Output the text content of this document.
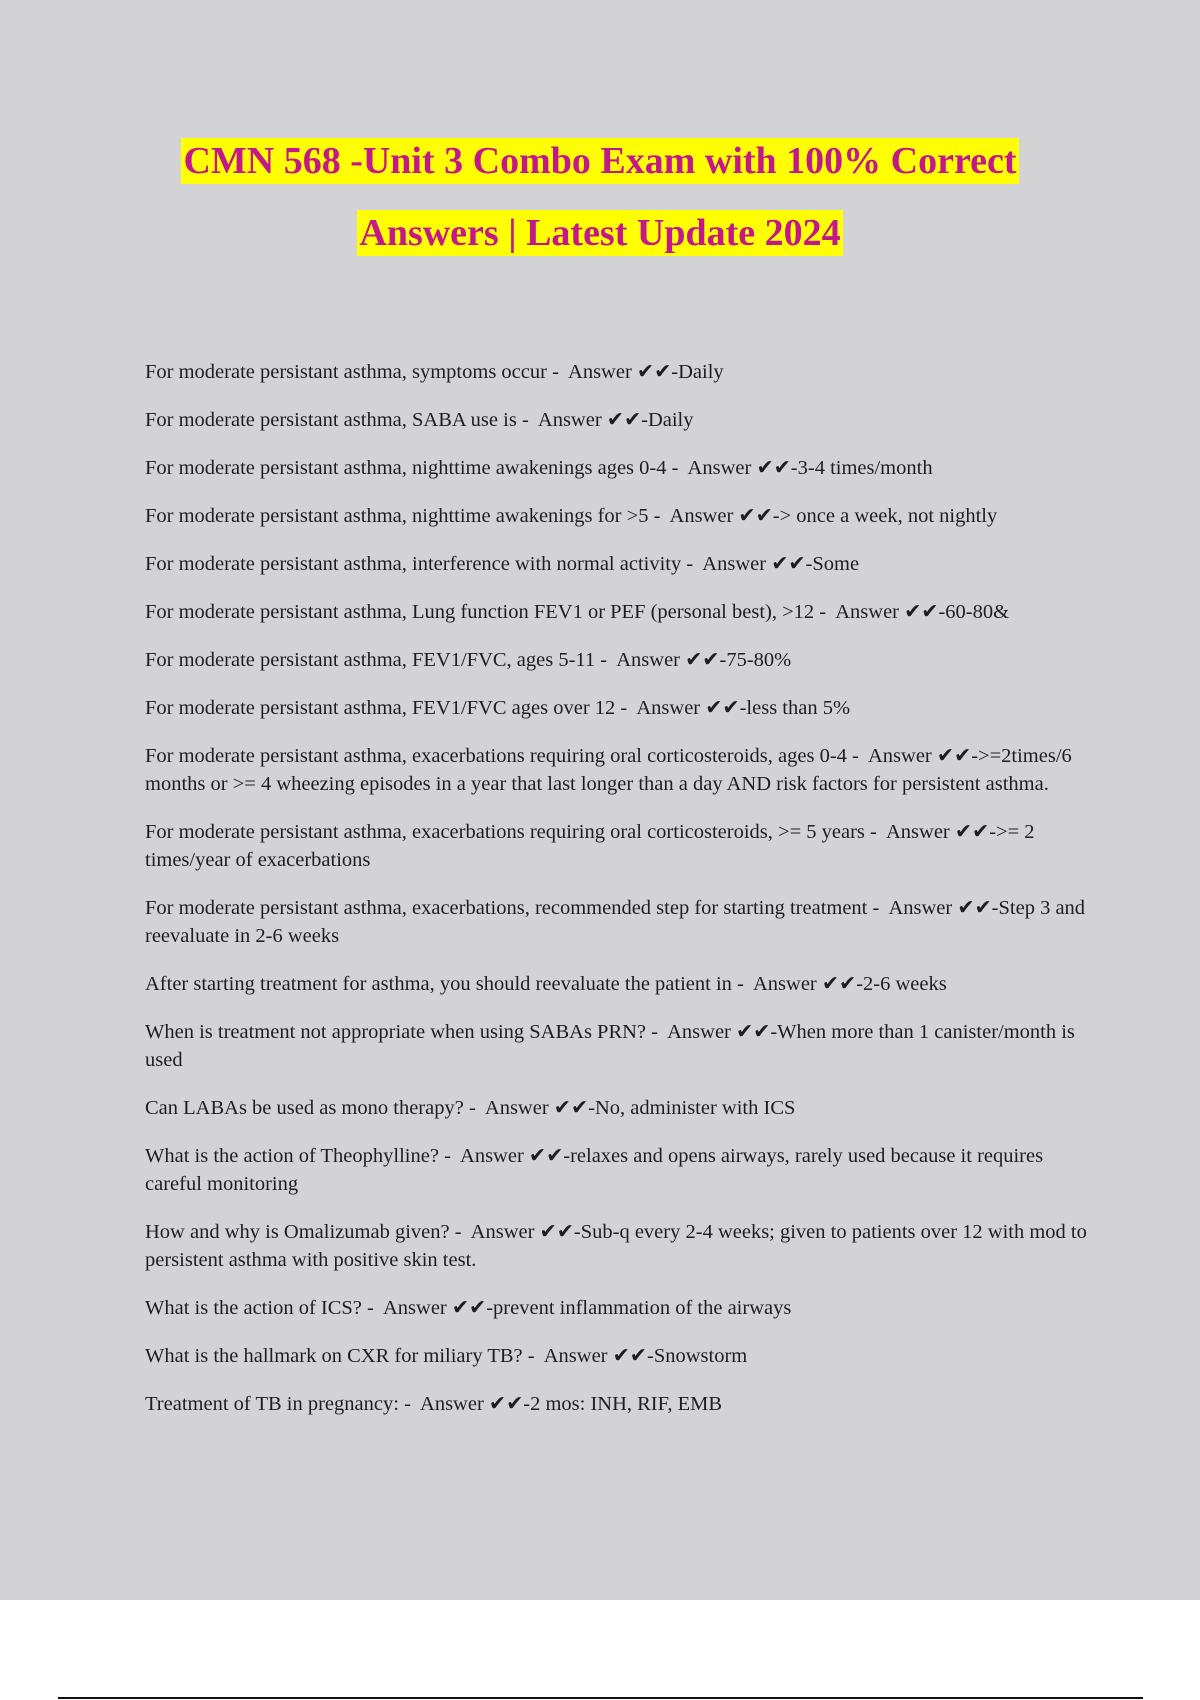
CMN 568 -Unit 3 Combo Exam with 100% Correct
Answers | Latest Update 2024

For moderate persistant asthma, symptoms occur -  Answer ✔✔-Daily

For moderate persistant asthma, SABA use is -  Answer ✔✔-Daily

For moderate persistant asthma, nighttime awakenings ages 0-4 -  Answer ✔✔-3-4 times/month

For moderate persistant asthma, nighttime awakenings for >5 -  Answer ✔✔-> once a week, not nightly

For moderate persistant asthma, interference with normal activity -  Answer ✔✔-Some

For moderate persistant asthma, Lung function FEV1 or PEF (personal best), >12 -  Answer ✔✔-60-80&

For moderate persistant asthma, FEV1/FVC, ages 5-11 -  Answer ✔✔-75-80%

For moderate persistant asthma, FEV1/FVC ages over 12 -  Answer ✔✔-less than 5%

For moderate persistant asthma, exacerbations requiring oral corticosteroids, ages 0-4 -  Answer ✔✔->=2times/6 months or >= 4 wheezing episodes in a year that last longer than a day AND risk factors for persistent asthma.

For moderate persistant asthma, exacerbations requiring oral corticosteroids, >= 5 years -  Answer ✔✔->= 2 times/year of exacerbations

For moderate persistant asthma, exacerbations, recommended step for starting treatment -  Answer ✔✔-Step 3 and reevaluate in 2-6 weeks

After starting treatment for asthma, you should reevaluate the patient in -  Answer ✔✔-2-6 weeks

When is treatment not appropriate when using SABAs PRN? -  Answer ✔✔-When more than 1 canister/month is used

Can LABAs be used as mono therapy? -  Answer ✔✔-No, administer with ICS

What is the action of Theophylline? -  Answer ✔✔-relaxes and opens airways, rarely used because it requires careful monitoring

How and why is Omalizumab given? -  Answer ✔✔-Sub-q every 2-4 weeks; given to patients over 12 with mod to persistent asthma with positive skin test.

What is the action of ICS? -  Answer ✔✔-prevent inflammation of the airways

What is the hallmark on CXR for miliary TB? -  Answer ✔✔-Snowstorm

Treatment of TB in pregnancy: -  Answer ✔✔-2 mos: INH, RIF, EMB
